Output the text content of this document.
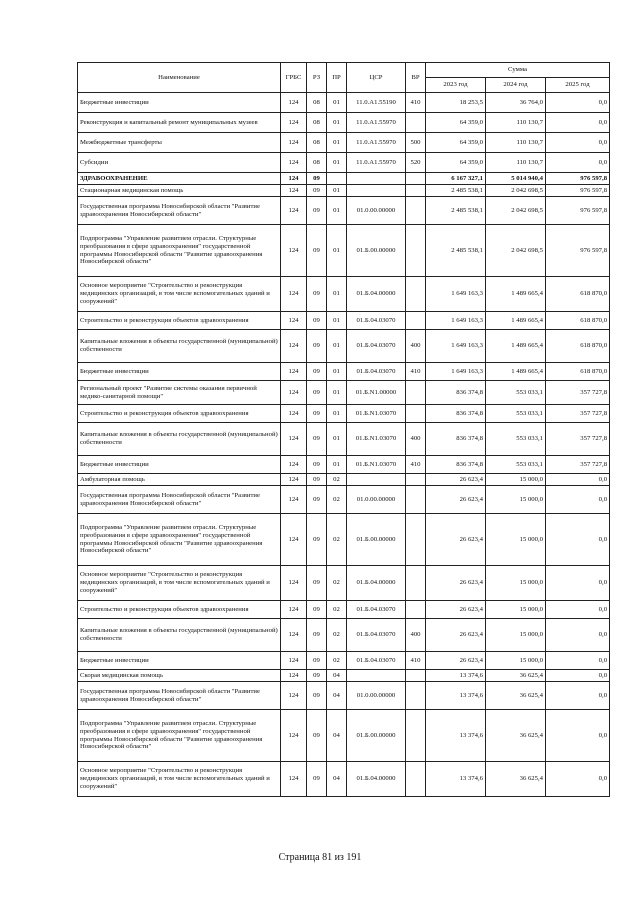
Наименование	ГРБС	РЗ	ПР	ЦСР	ВР	Сумма		
						2023 год	2024 год	2025 год
Бюджетные инвестиции	124	08	01	11.0.А1.55190	410	18 253,5	36 764,0	0,0
Реконструкция и капитальный ремонт муниципальных музеев	124	08	01	11.0.А1.55970		64 359,0	110 130,7	0,0
Межбюджетные трансферты	124	08	01	11.0.А1.55970	500	64 359,0	110 130,7	0,0
Субсидии	124	08	01	11.0.А1.55970	520	64 359,0	110 130,7	0,0
ЗДРАВООХРАНЕНИЕ	124	09				6 167 327,1	5 014 940,4	976 597,8
Стационарная медицинская помощь	124	09	01			2 485 538,1	2 042 698,5	976 597,8
Государственная программа Новосибирской области "Развитие здравоохранения Новосибирской области"	124	09	01	01.0.00.00000		2 485 538,1	2 042 698,5	976 597,8
Подпрограмма "Управление развитием отрасли. Структурные преобразования в сфере здравоохранения" государственной программы Новосибирской области "Развитие здравоохранения Новосибирской области"	124	09	01	01.Б.00.00000		2 485 538,1	2 042 698,5	976 597,8
Основное мероприятие "Строительство и реконструкция медицинских организаций, в том числе вспомогательных зданий и сооружений"	124	09	01	01.Б.04.00000		1 649 163,3	1 489 665,4	618 870,0
Строительство и реконструкция объектов здравоохранения	124	09	01	01.Б.04.03070		1 649 163,3	1 489 665,4	618 870,0
Капитальные вложения в объекты государственной (муниципальной) собственности	124	09	01	01.Б.04.03070	400	1 649 163,3	1 489 665,4	618 870,0
Бюджетные инвестиции	124	09	01	01.Б.04.03070	410	1 649 163,3	1 489 665,4	618 870,0
Региональный проект "Развитие системы оказания первичной медико-санитарной помощи"	124	09	01	01.Б.N1.00000		836 374,8	553 033,1	357 727,8
Строительство и реконструкция объектов здравоохранения	124	09	01	01.Б.N1.03070		836 374,8	553 033,1	357 727,8
Капитальные вложения в объекты государственной (муниципальной) собственности	124	09	01	01.Б.N1.03070	400	836 374,8	553 033,1	357 727,8
Бюджетные инвестиции	124	09	01	01.Б.N1.03070	410	836 374,8	553 033,1	357 727,8
Амбулаторная помощь	124	09	02			26 623,4	15 000,0	0,0
Государственная программа Новосибирской области "Развитие здравоохранения Новосибирской области"	124	09	02	01.0.00.00000		26 623,4	15 000,0	0,0
Подпрограмма "Управление развитием отрасли. Структурные преобразования в сфере здравоохранения" государственной программы Новосибирской области "Развитие здравоохранения Новосибирской области"	124	09	02	01.Б.00.00000		26 623,4	15 000,0	0,0
Основное мероприятие "Строительство и реконструкция медицинских организаций, в том числе вспомогательных зданий и сооружений"	124	09	02	01.Б.04.00000		26 623,4	15 000,0	0,0
Строительство и реконструкция объектов здравоохранения	124	09	02	01.Б.04.03070		26 623,4	15 000,0	0,0
Капитальные вложения в объекты государственной (муниципальной) собственности	124	09	02	01.Б.04.03070	400	26 623,4	15 000,0	0,0
Бюджетные инвестиции	124	09	02	01.Б.04.03070	410	26 623,4	15 000,0	0,0
Скорая медицинская помощь	124	09	04			13 374,6	36 625,4	0,0
Государственная программа Новосибирской области "Развитие здравоохранения Новосибирской области"	124	09	04	01.0.00.00000		13 374,6	36 625,4	0,0
Подпрограмма "Управление развитием отрасли. Структурные преобразования в сфере здравоохранения" государственной программы Новосибирской области "Развитие здравоохранения Новосибирской области"	124	09	04	01.Б.00.00000		13 374,6	36 625,4	0,0
Основное мероприятие "Строительство и реконструкция медицинских организаций, в том числе вспомогательных зданий и сооружений"	124	09	04	01.Б.04.00000		13 374,6	36 625,4	0,0
Страница 81 из 191
